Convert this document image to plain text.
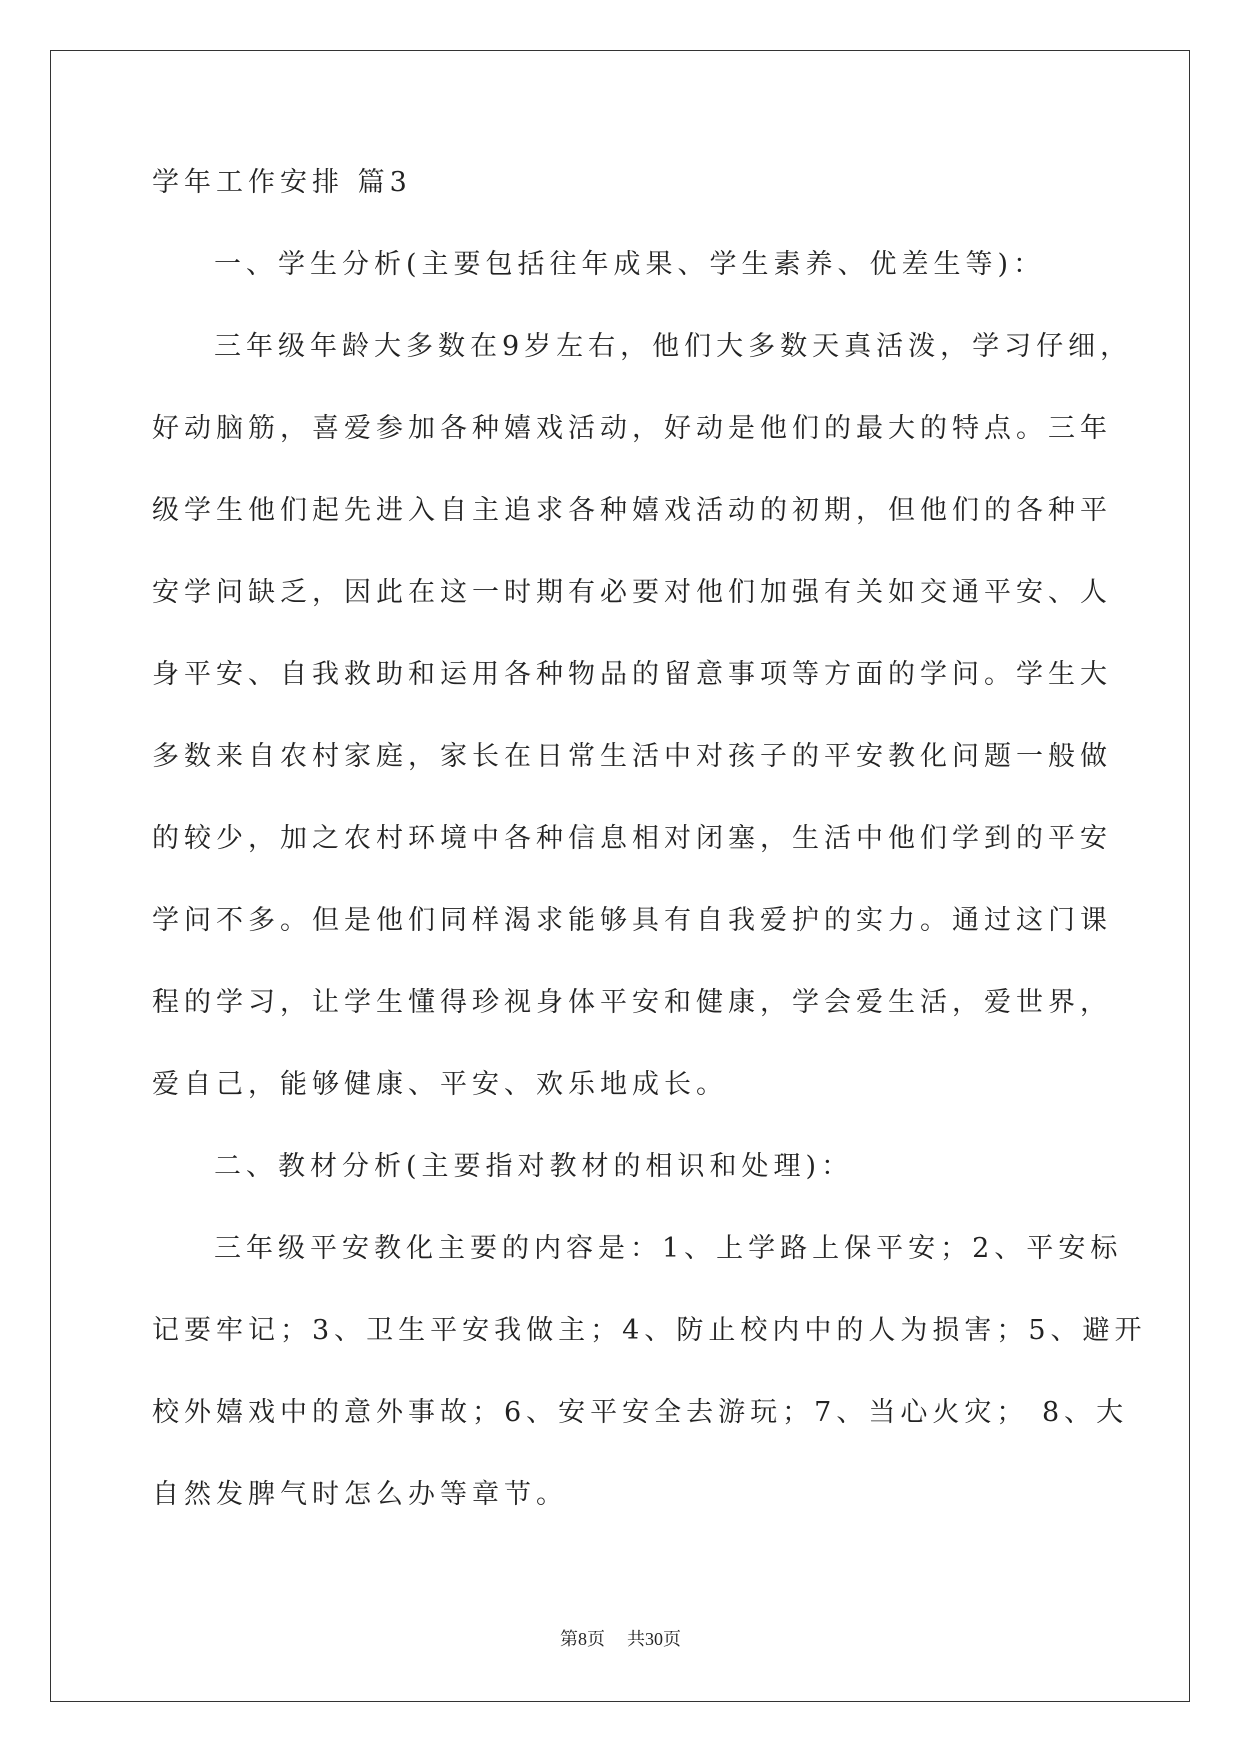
学年工作安排 篇3
一、学生分析(主要包括往年成果、学生素养、优差生等)：
三年级年龄大多数在9岁左右，他们大多数天真活泼，学习仔细，
好动脑筋，喜爱参加各种嬉戏活动，好动是他们的最大的特点。三年
级学生他们起先进入自主追求各种嬉戏活动的初期，但他们的各种平
安学问缺乏，因此在这一时期有必要对他们加强有关如交通平安、人
身平安、自我救助和运用各种物品的留意事项等方面的学问。学生大
多数来自农村家庭，家长在日常生活中对孩子的平安教化问题一般做
的较少，加之农村环境中各种信息相对闭塞，生活中他们学到的平安
学问不多。但是他们同样渴求能够具有自我爱护的实力。通过这门课
程的学习，让学生懂得珍视身体平安和健康，学会爱生活，爱世界，
爱自己，能够健康、平安、欢乐地成长。
二、教材分析(主要指对教材的相识和处理)：
三年级平安教化主要的内容是：1、上学路上保平安；2、平安标
记要牢记；3、卫生平安我做主；4、防止校内中的人为损害；5、避开
校外嬉戏中的意外事故；6、安平安全去游玩；7、当心火灾； 8、大
自然发脾气时怎么办等章节。
第8页 共30页
